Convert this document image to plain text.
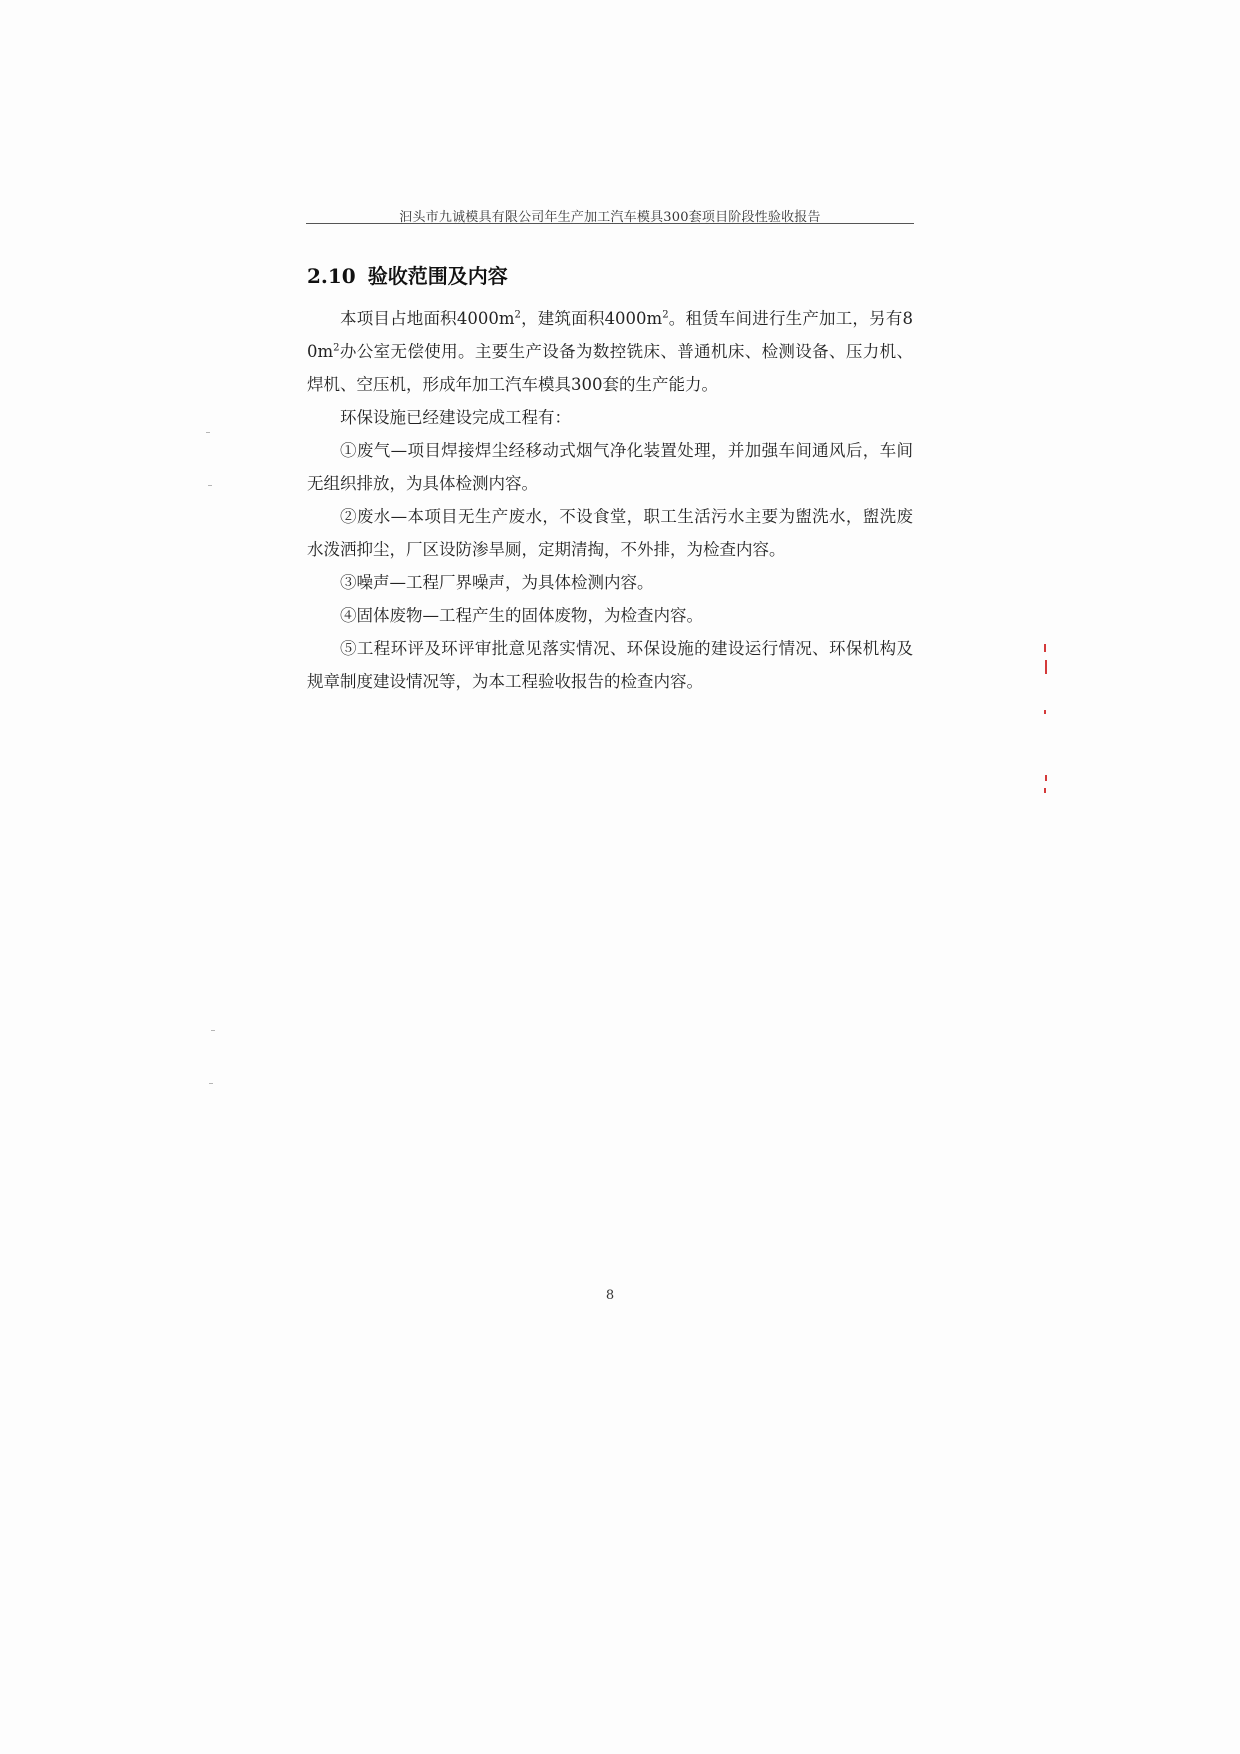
汩头市九诚模具有限公司年生产加工汽车模具300套项目阶段性验收报告
2.10 验收范围及内容

本项目占地面积$4000m^2$，建筑面积$4000m^2$。租赁车间进行生产加工，另有$80m^2$办公室无偿使用。主要生产设备为数控铣床、普通机床、检测设备、压力机、焊机、空压机，形成年加工汽车模具300套的生产能力。

环保设施已经建设完成工程有：

①废气—项目焊接焊尘经移动式烟气净化装置处理，并加强车间通风后，车间无组织排放，为具体检测内容。

②废水—本项目无生产废水，不设食堂，职工生活污水主要为盥洗水，盥洗废水泼洒抑尘，厂区设防渗旱厕，定期清掏，不外排，为检查内容。

③噪声—工程厂界噪声，为具体检测内容。

④固体废物—工程产生的固体废物，为检查内容。

⑤工程环评及环评审批意见落实情况、环保设施的建设运行情况、环保机构及规章制度建设情况等，为本工程验收报告的检查内容。

8
